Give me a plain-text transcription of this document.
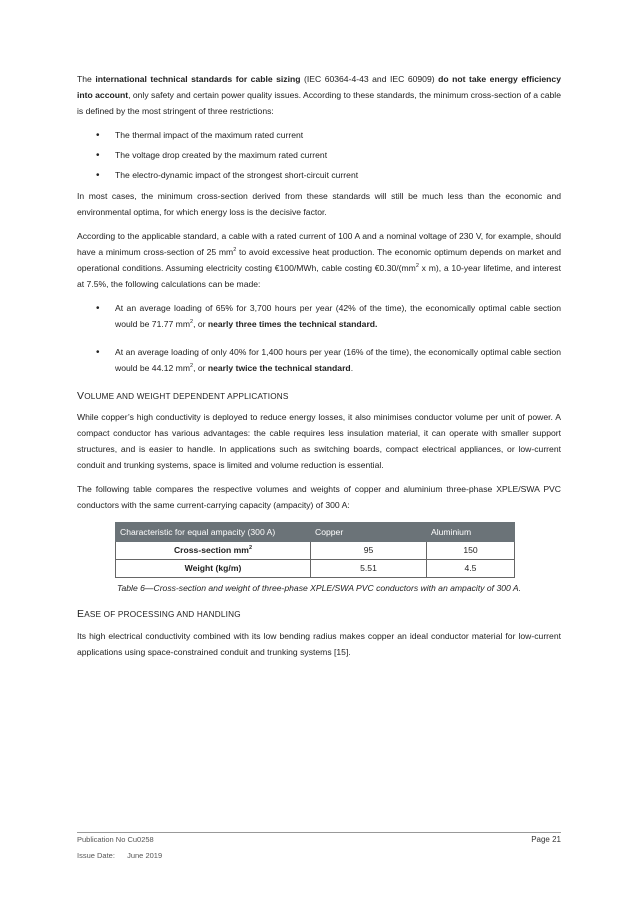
The international technical standards for cable sizing (IEC 60364-4-43 and IEC 60909) do not take energy efficiency into account, only safety and certain power quality issues. According to these standards, the minimum cross-section of a cable is defined by the most stringent of three restrictions:

• The thermal impact of the maximum rated current
• The voltage drop created by the maximum rated current
• The electro-dynamic impact of the strongest short-circuit current

In most cases, the minimum cross-section derived from these standards will still be much less than the economic and environmental optima, for which energy loss is the decisive factor.

According to the applicable standard, a cable with a rated current of 100 A and a nominal voltage of 230 V, for example, should have a minimum cross-section of 25 $mm^2$ to avoid excessive heat production. The economic optimum depends on market and operational conditions. Assuming electricity costing €100/MWh, cable costing $€0.30/(mm^2$ x m), a 10-year lifetime, and interest at 7.5%, the following calculations can be made:

• At an average loading of 65% for 3,700 hours per year (42% of the time), the economically optimal cable section would be 71.77 $mm^2$, or nearly three times the technical standard.
• At an average loading of only 40% for 1,400 hours per year (16% of the time), the economically optimal cable section would be 44.12 $mm^2$, or nearly twice the technical standard.
VOLUME AND WEIGHT DEPENDENT APPLICATIONS

While copper’s high conductivity is deployed to reduce energy losses, it also minimises conductor volume per unit of power. A compact conductor has various advantages: the cable requires less insulation material, it can operate with smaller support structures, and is easier to handle. In applications such as switching boards, compact electrical appliances, or low-current conduit and trunking systems, space is limited and volume reduction is essential.

The following table compares the respective volumes and weights of copper and aluminium three-phase XPLE/SWA PVC conductors with the same current-carrying capacity (ampacity) of 300 A:

Characteristic for equal ampacity (300 A)	Copper	Aluminium
Cross-section $mm^2$	95	150
Weight (kg/m)	5.51	4.5
Table 6—Cross-section and weight of three-phase XPLE/SWA PVC conductors with an ampacity of 300 A.
EASE OF PROCESSING AND HANDLING

Its high electrical conductivity combined with its low bending radius makes copper an ideal conductor material for low-current applications using space-constrained conduit and trunking systems [15].

Publication No Cu0258	Page 21
Issue Date: June 2019
